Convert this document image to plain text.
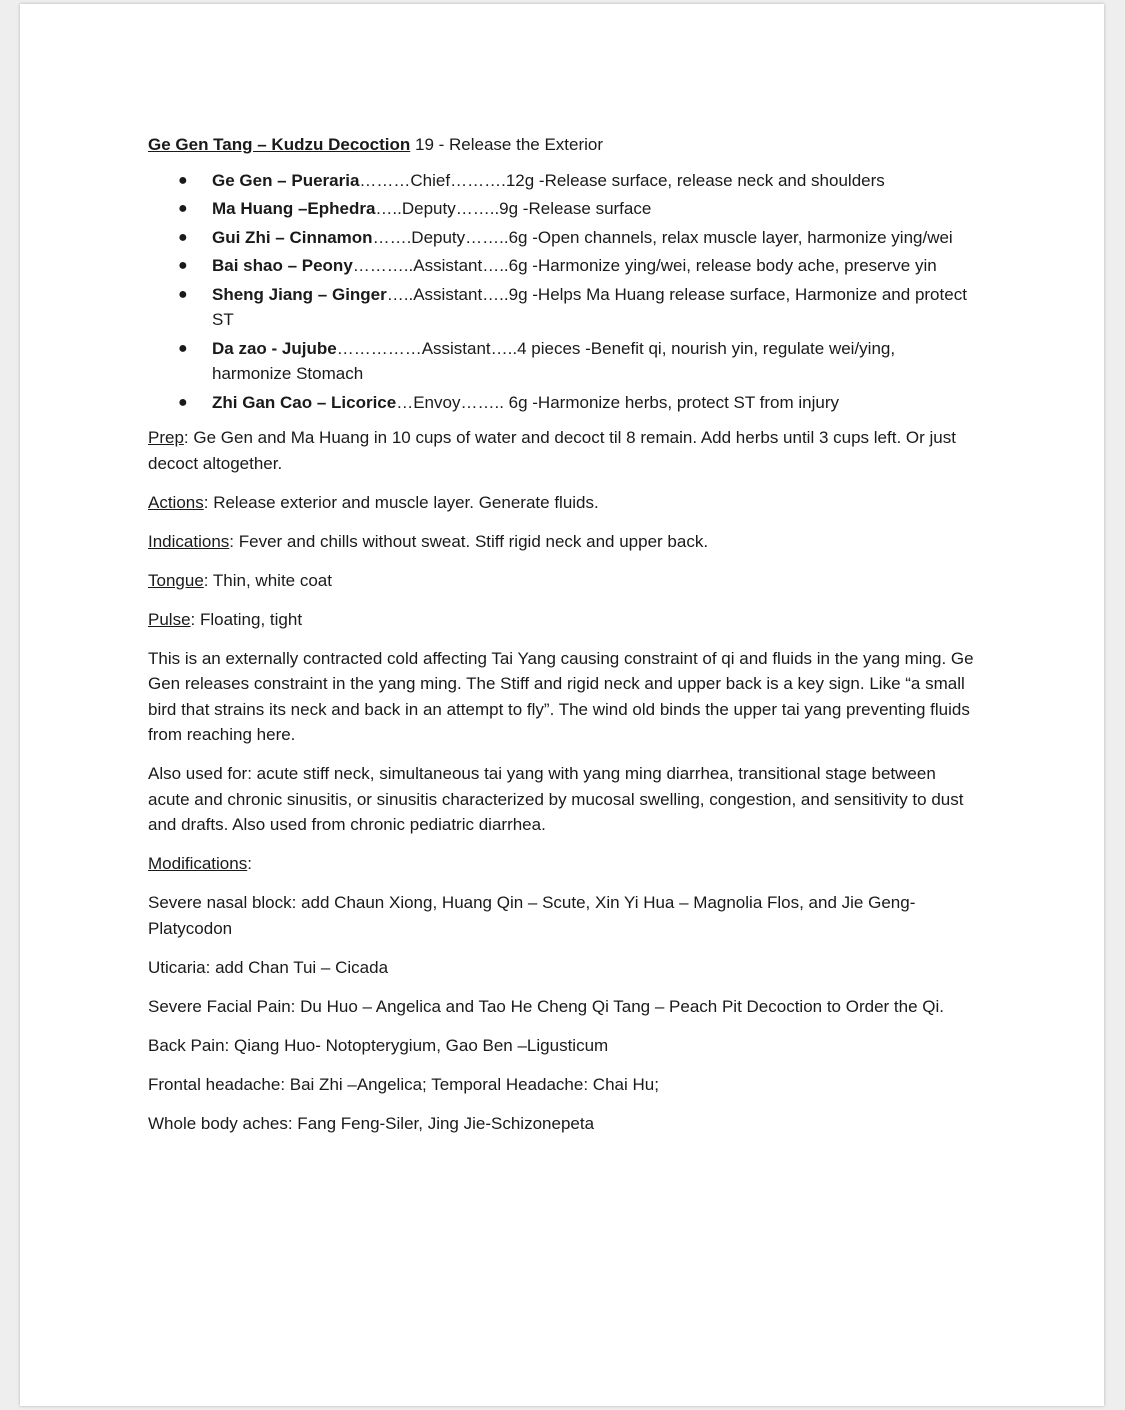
Ge Gen Tang – Kudzu Decoction 19 - Release the Exterior
● Ge Gen – Pueraria………Chief……….12g -Release surface, release neck and shoulders
● Ma Huang –Ephedra…..Deputy……..9g -Release surface
● Gui Zhi – Cinnamon…….Deputy……..6g -Open channels, relax muscle layer, harmonize ying/wei
● Bai shao – Peony………..Assistant…..6g -Harmonize ying/wei, release body ache, preserve yin
● Sheng Jiang – Ginger…..Assistant…..9g -Helps Ma Huang release surface, Harmonize and protect ST
● Da zao - Jujube……………Assistant…..4 pieces -Benefit qi, nourish yin, regulate wei/ying, harmonize Stomach
● Zhi Gan Cao – Licorice…Envoy…….. 6g -Harmonize herbs, protect ST from injury

Prep: Ge Gen and Ma Huang in 10 cups of water and decoct til 8 remain. Add herbs until 3 cups left. Or just decoct altogether.

Actions: Release exterior and muscle layer. Generate fluids.

Indications: Fever and chills without sweat. Stiff rigid neck and upper back.

Tongue: Thin, white coat

Pulse: Floating, tight

This is an externally contracted cold affecting Tai Yang causing constraint of qi and fluids in the yang ming. Ge Gen releases constraint in the yang ming. The Stiff and rigid neck and upper back is a key sign. Like “a small bird that strains its neck and back in an attempt to fly”. The wind old binds the upper tai yang preventing fluids from reaching here.

Also used for: acute stiff neck, simultaneous tai yang with yang ming diarrhea, transitional stage between acute and chronic sinusitis, or sinusitis characterized by mucosal swelling, congestion, and sensitivity to dust and drafts. Also used from chronic pediatric diarrhea.

Modifications:

Severe nasal block: add Chaun Xiong, Huang Qin – Scute, Xin Yi Hua – Magnolia Flos, and Jie Geng-Platycodon

Uticaria: add Chan Tui – Cicada

Severe Facial Pain: Du Huo – Angelica and Tao He Cheng Qi Tang – Peach Pit Decoction to Order the Qi.

Back Pain: Qiang Huo- Notopterygium, Gao Ben –Ligusticum

Frontal headache: Bai Zhi –Angelica; Temporal Headache: Chai Hu;

Whole body aches: Fang Feng-Siler, Jing Jie-Schizonepeta
